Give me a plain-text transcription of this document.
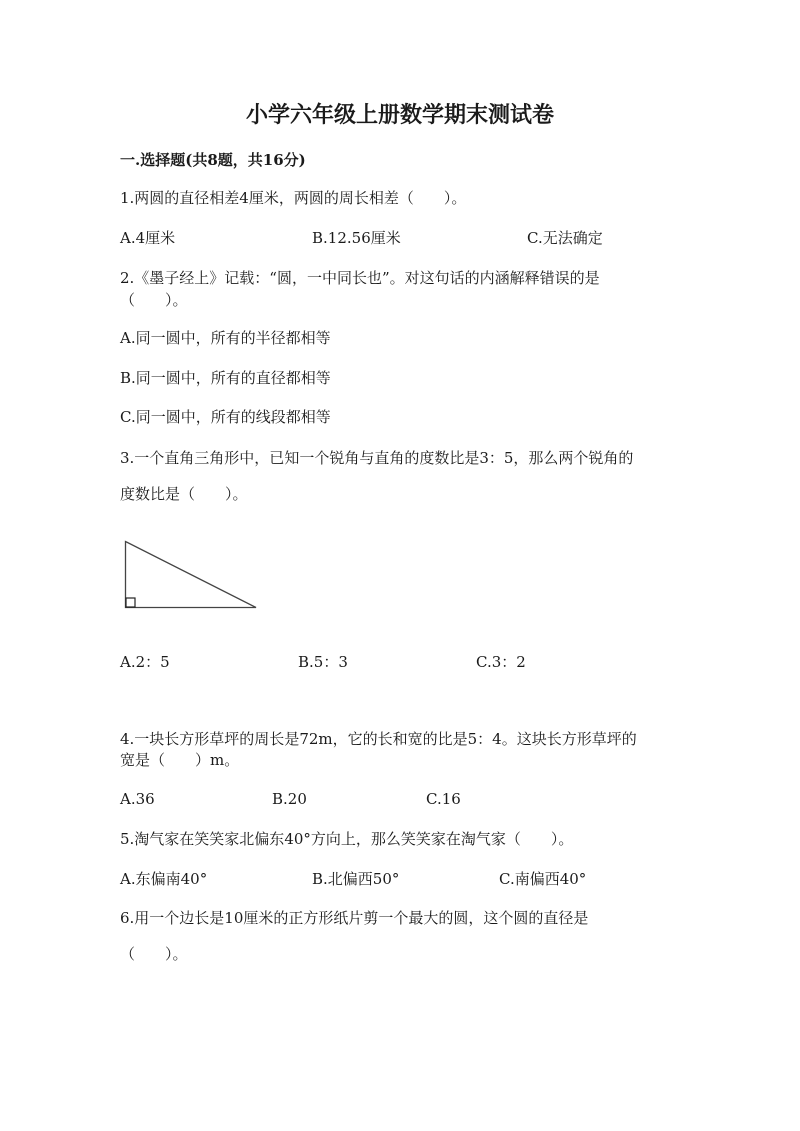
小学六年级上册数学期末测试卷
一.选择题(共8题，共16分)
1.两圆的直径相差4厘米，两圆的周长相差（　　）。
A.4厘米	B.12.56厘米	C.无法确定
2.《墨子经上》记载：“圆，一中同长也”。对这句话的内涵解释错误的是
（　　）。
A.同一圆中，所有的半径都相等
B.同一圆中，所有的直径都相等
C.同一圆中，所有的线段都相等
3.一个直角三角形中，已知一个锐角与直角的度数比是3：5，那么两个锐角的
度数比是（　　）。
A.2：5	B.5：3	C.3：2
4.一块长方形草坪的周长是72m，它的长和宽的比是5：4。这块长方形草坪的
宽是（　　）m。
A.36	B.20	C.16
5.淘气家在笑笑家北偏东40°方向上，那么笑笑家在淘气家（　　）。
A.东偏南40°	B.北偏西50°	C.南偏西40°
6.用一个边长是10厘米的正方形纸片剪一个最大的圆，这个圆的直径是
（　　）。
